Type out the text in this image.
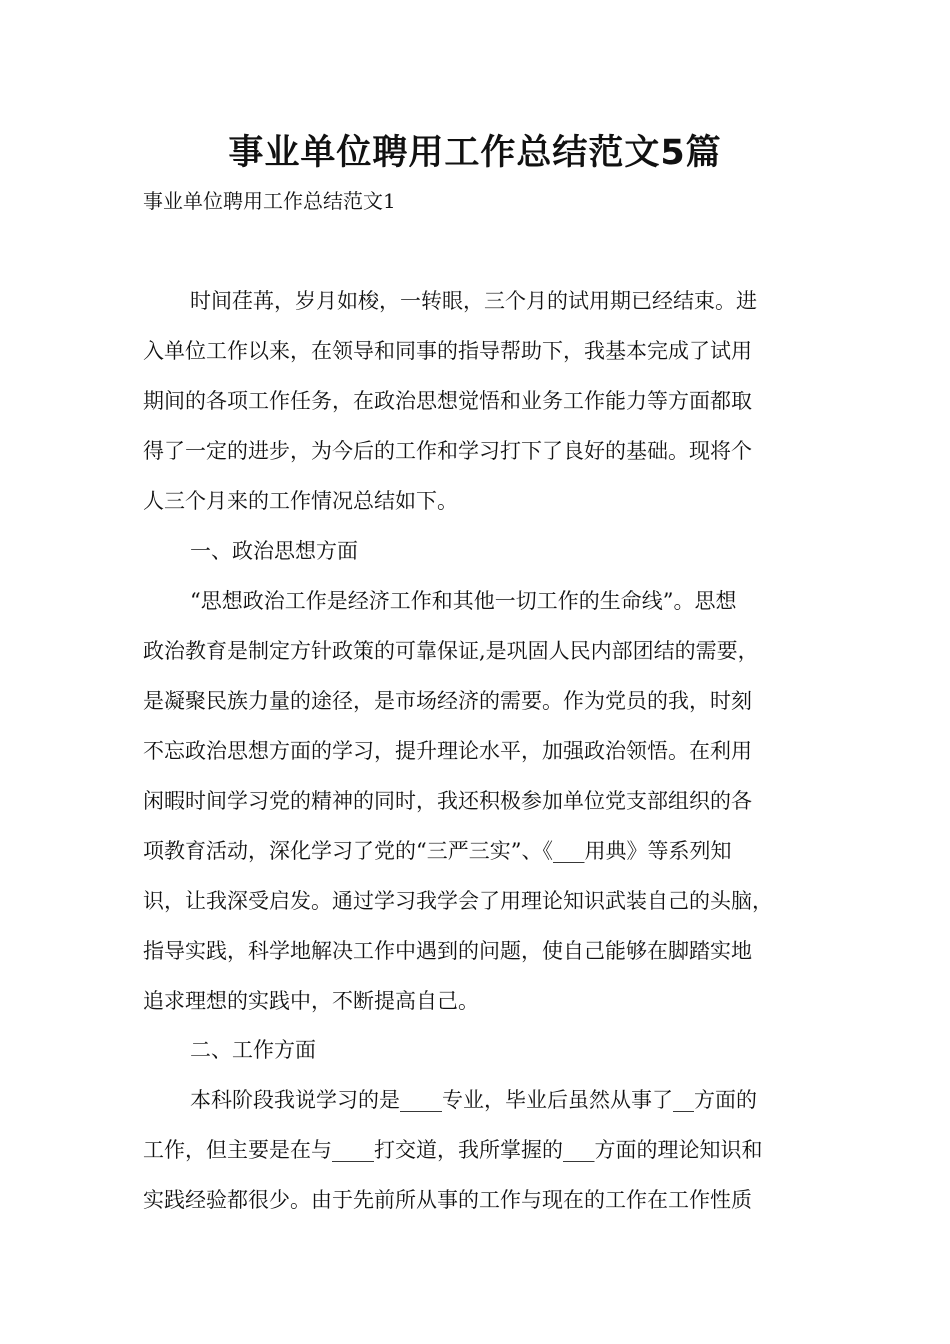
事业单位聘用工作总结范文5篇
事业单位聘用工作总结范文1
时间荏苒，岁月如梭，一转眼，三个月的试用期已经结束。进
入单位工作以来，在领导和同事的指导帮助下，我基本完成了试用
期间的各项工作任务，在政治思想觉悟和业务工作能力等方面都取
得了一定的进步，为今后的工作和学习打下了良好的基础。现将个
人三个月来的工作情况总结如下。
一、政治思想方面
“思想政治工作是经济工作和其他一切工作的生命线”。思想
政治教育是制定方针政策的可靠保证,是巩固人民内部团结的需要，
是凝聚民族力量的途径，是市场经济的需要。作为党员的我，时刻
不忘政治思想方面的学习，提升理论水平，加强政治领悟。在利用
闲暇时间学习党的精神的同时，我还积极参加单位党支部组织的各
项教育活动，深化学习了党的“三严三实”、《___用典》等系列知
识，让我深受启发。通过学习我学会了用理论知识武装自己的头脑，
指导实践，科学地解决工作中遇到的问题，使自己能够在脚踏实地
追求理想的实践中，不断提高自己。
二、工作方面
本科阶段我说学习的是____专业，毕业后虽然从事了__方面的
工作，但主要是在与____打交道，我所掌握的___方面的理论知识和
实践经验都很少。由于先前所从事的工作与现在的工作在工作性质
